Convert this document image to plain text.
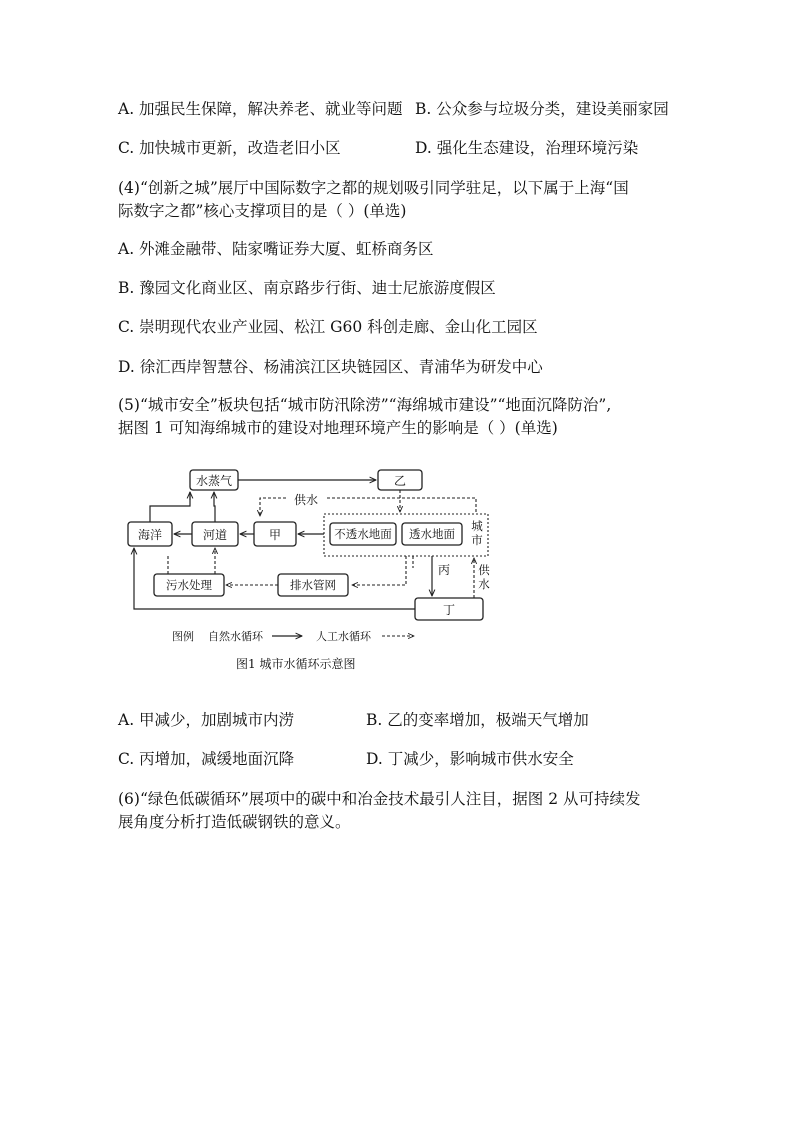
A. 加强民生保障，解决养老、就业等问题 B. 公众参与垃圾分类，建设美丽家园
C. 加快城市更新，改造老旧小区	D. 强化生态建设，治理环境污染
(4)“创新之城”展厅中国际数字之都的规划吸引同学驻足，以下属于上海“国
际数字之都”核心支撑项目的是（ ）(单选)
A. 外滩金融带、陆家嘴证券大厦、虹桥商务区
B. 豫园文化商业区、南京路步行街、迪士尼旅游度假区
C. 崇明现代农业产业园、松江 G60 科创走廊、金山化工园区
D. 徐汇西岸智慧谷、杨浦滨江区块链园区、青浦华为研发中心
(5)“城市安全”板块包括“城市防汛除涝”“海绵城市建设”“地面沉降防治”,
据图 1 可知海绵城市的建设对地理环境产生的影响是（ ）(单选)
水蒸气	乙
供水
海洋	河道	甲	不透水地面 透水地面
城市
丙 供水
污水处理	排水管网
丁
图例 自然水循环	人工水循环
图1 城市水循环示意图
A. 甲减少，加剧城市内涝	B. 乙的变率增加，极端天气增加
C. 丙增加，减缓地面沉降	D. 丁减少，影响城市供水安全
(6)“绿色低碳循环”展项中的碳中和冶金技术最引人注目，据图 2 从可持续发
展角度分析打造低碳钢铁的意义。
